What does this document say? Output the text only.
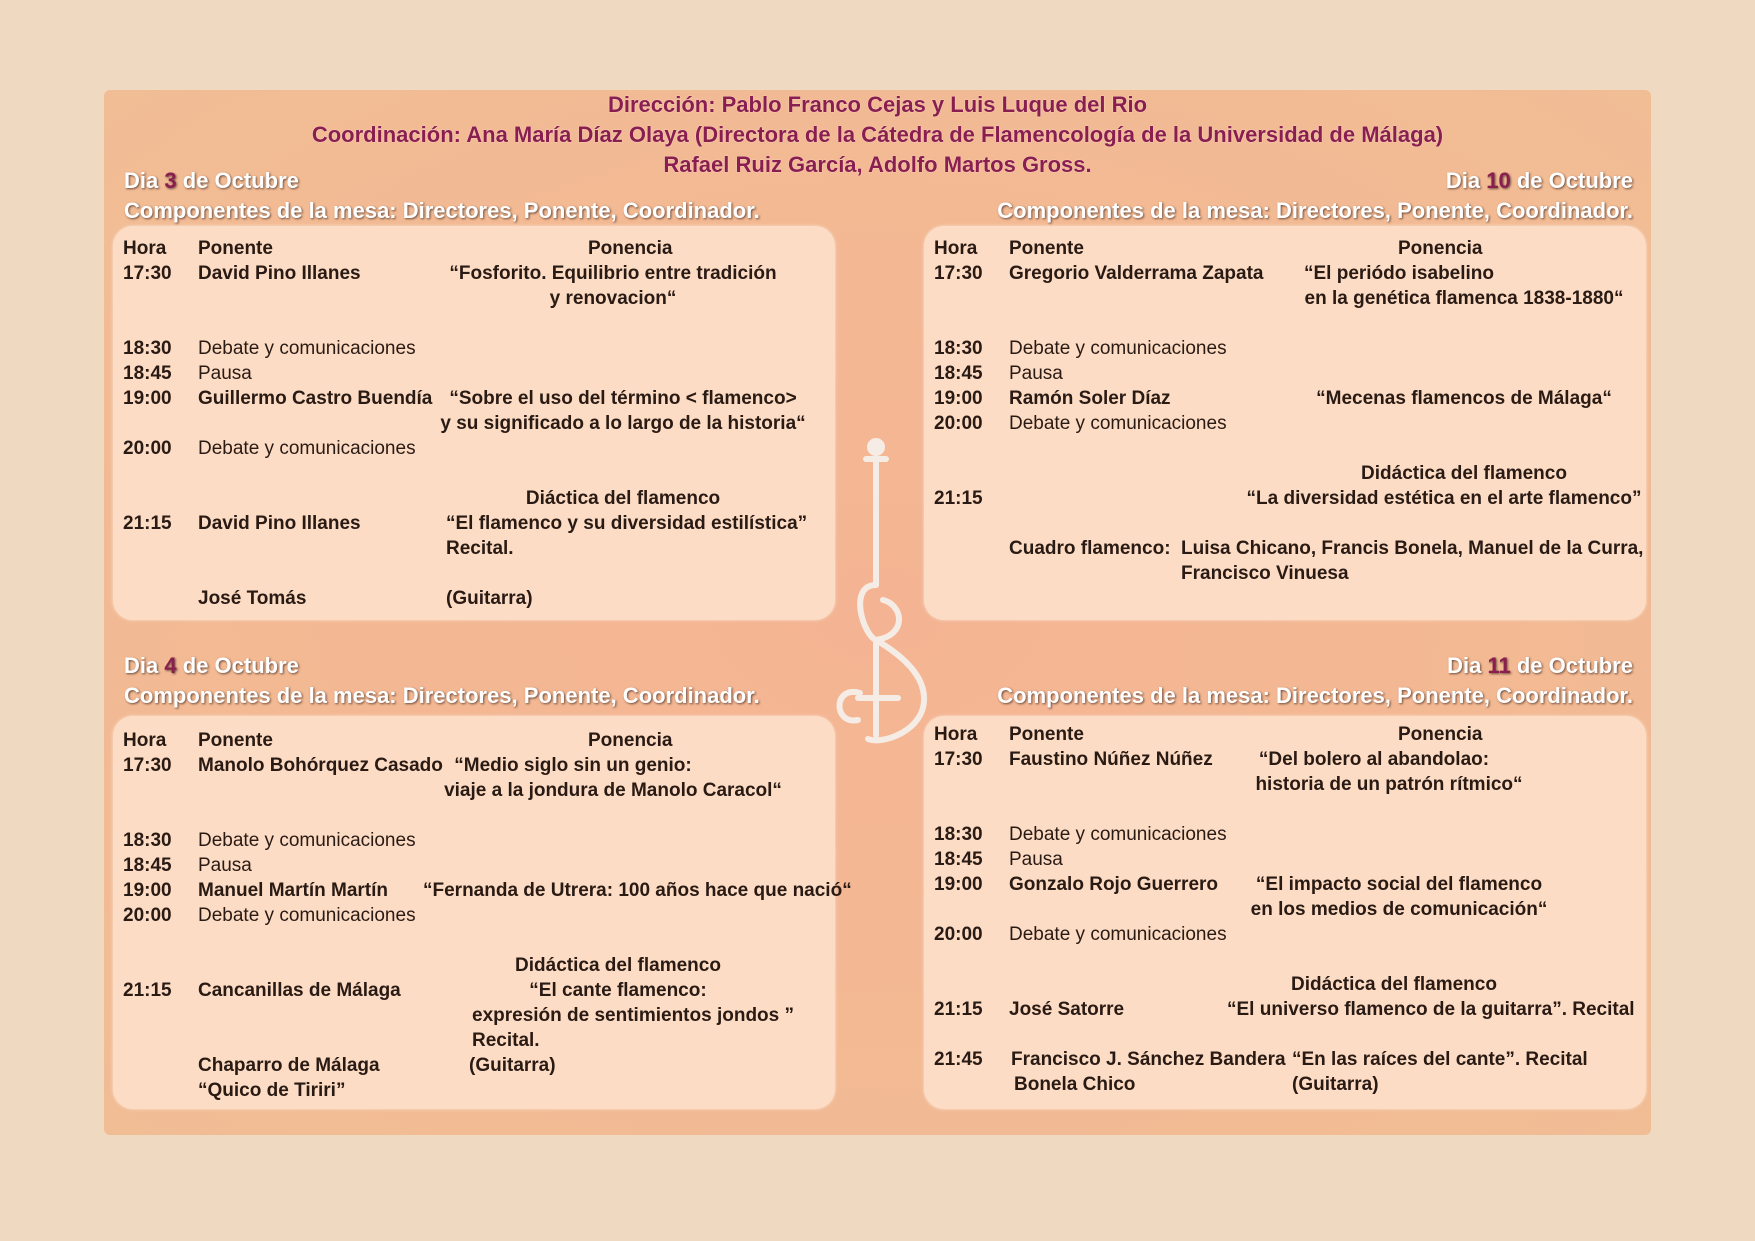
Dirección: Pablo Franco Cejas y Luis Luque del Rio
Coordinación: Ana María Díaz Olaya (Directora de la Cátedra de Flamencología de la Universidad de Málaga)
Rafael Ruiz García, Adolfo Martos Gross.
Dia 3 de Octubre
Componentes de la mesa: Directores, Ponente, Coordinador.
Dia 10 de Octubre
Componentes de la mesa: Directores, Ponente, Coordinador.
Dia 4 de Octubre
Componentes de la mesa: Directores, Ponente, Coordinador.
Dia 11 de Octubre
Componentes de la mesa: Directores, Ponente, Coordinador.
Hora Ponente	Ponencia
17:30 David Pino Illanes	“Fosforito. Equilibrio entre tradición
y renovacion“
18:30 Debate y comunicaciones
18:45 Pausa
19:00 Guillermo Castro Buendía “Sobre el uso del término < flamenco>
y su significado a lo largo de la historia“
20:00 Debate y comunicaciones
Diáctica del flamenco
21:15 David Pino Illanes	“El flamenco y su diversidad estilística”
Recital.
José Tomás	(Guitarra)
Hora Ponente	Ponencia
17:30 Gregorio Valderrama Zapata	“El periódo isabelino
en la genética flamenca 1838-1880“
18:30 Debate y comunicaciones
18:45 Pausa
19:00 Ramón Soler Díaz	“Mecenas flamencos de Málaga“
20:00 Debate y comunicaciones
Didáctica del flamenco
21:15	“La diversidad estética en el arte flamenco”
Cuadro flamenco: Luisa Chicano, Francis Bonela, Manuel de la Curra,
Francisco Vinuesa
Hora Ponente	Ponencia
17:30 Manolo Bohórquez Casado “Medio siglo sin un genio:
viaje a la jondura de Manolo Caracol“
18:30 Debate y comunicaciones
18:45 Pausa
19:00 Manuel Martín Martín “Fernanda de Utrera: 100 años hace que nació“
20:00 Debate y comunicaciones
Didáctica del flamenco
21:15 Cancanillas de Málaga	“El cante flamenco:
expresión de sentimientos jondos ”
Recital.
Chaparro de Málaga	(Guitarra)
“Quico de Tiriri”
Hora Ponente	Ponencia
17:30 Faustino Núñez Núñez	“Del bolero al abandolao:
historia de un patrón rítmico“
18:30 Debate y comunicaciones
18:45 Pausa
19:00 Gonzalo Rojo Guerrero	“El impacto social del flamenco
en los medios de comunicación“
20:00 Debate y comunicaciones
Didáctica del flamenco
21:15 José Satorre	“El universo flamenco de la guitarra”. Recital
21:45 Francisco J. Sánchez Bandera “En las raíces del cante”. Recital
Bonela Chico	(Guitarra)
